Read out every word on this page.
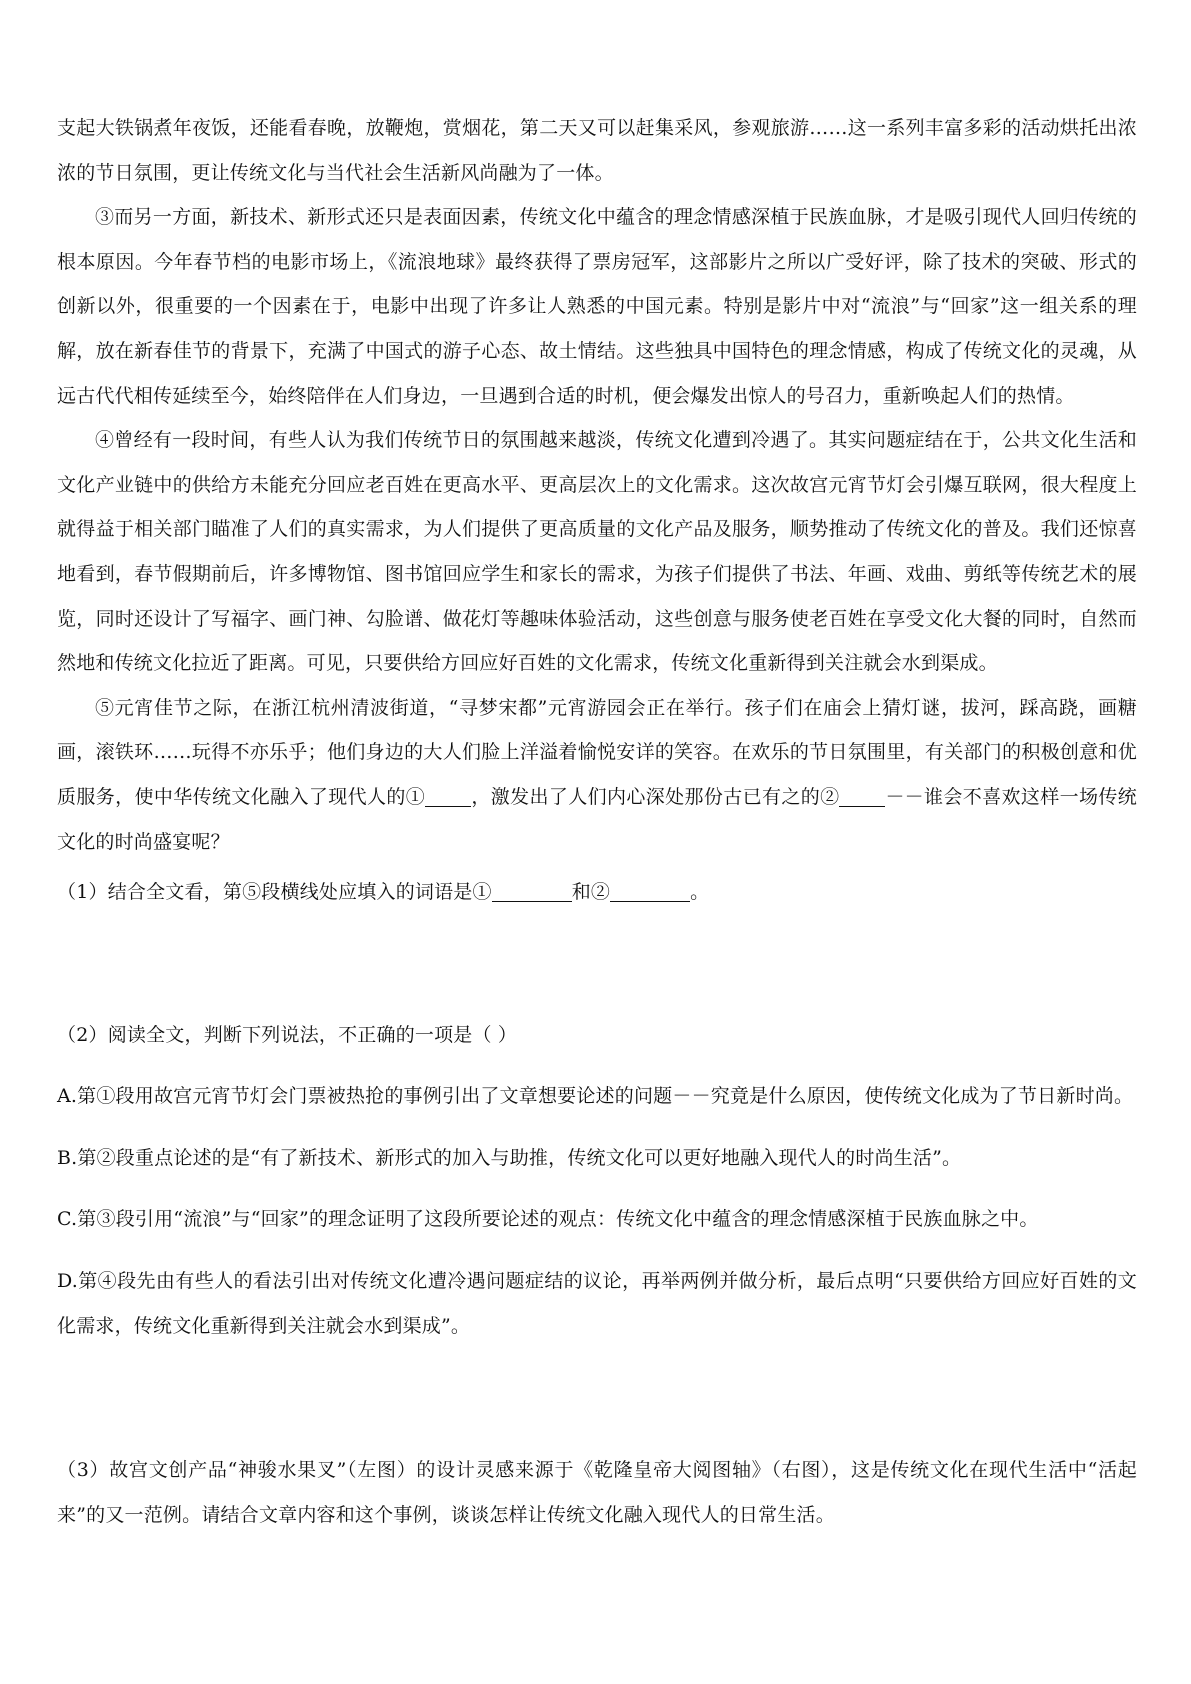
支起大铁锅煮年夜饭，还能看春晚，放鞭炮，赏烟花，第二天又可以赶集采风，参观旅游……这一系列丰富多彩的活动烘托出浓浓的节日氛围，更让传统文化与当代社会生活新风尚融为了一体。

③而另一方面，新技术、新形式还只是表面因素，传统文化中蕴含的理念情感深植于民族血脉，才是吸引现代人回归传统的根本原因。今年春节档的电影市场上，《流浪地球》最终获得了票房冠军，这部影片之所以广受好评，除了技术的突破、形式的创新以外，很重要的一个因素在于，电影中出现了许多让人熟悉的中国元素。特别是影片中对“流浪”与“回家”这一组关系的理解，放在新春佳节的背景下，充满了中国式的游子心态、故土情结。这些独具中国特色的理念情感，构成了传统文化的灵魂，从远古代代相传延续至今，始终陪伴在人们身边，一旦遇到合适的时机，便会爆发出惊人的号召力，重新唤起人们的热情。

④曾经有一段时间，有些人认为我们传统节日的氛围越来越淡，传统文化遭到冷遇了。其实问题症结在于，公共文化生活和文化产业链中的供给方未能充分回应老百姓在更高水平、更高层次上的文化需求。这次故宫元宵节灯会引爆互联网，很大程度上就得益于相关部门瞄准了人们的真实需求，为人们提供了更高质量的文化产品及服务，顺势推动了传统文化的普及。我们还惊喜地看到，春节假期前后，许多博物馆、图书馆回应学生和家长的需求，为孩子们提供了书法、年画、戏曲、剪纸等传统艺术的展览，同时还设计了写福字、画门神、勾脸谱、做花灯等趣味体验活动，这些创意与服务使老百姓在享受文化大餐的同时，自然而然地和传统文化拉近了距离。可见，只要供给方回应好百姓的文化需求，传统文化重新得到关注就会水到渠成。

⑤元宵佳节之际，在浙江杭州清波街道，“寻梦宋都”元宵游园会正在举行。孩子们在庙会上猜灯谜，拔河，踩高跷，画糖画，滚铁环……玩得不亦乐乎；他们身边的大人们脸上洋溢着愉悦安详的笑容。在欢乐的节日氛围里，有关部门的积极创意和优质服务，使中华传统文化融入了现代人的① ，激发出了人们内心深处那份古已有之的② －－谁会不喜欢这样一场传统文化的时尚盛宴呢？

（1）结合全文看，第⑤段横线处应填入的词语是①	和②	。

（2）阅读全文，判断下列说法，不正确的一项是（ ）

A.第①段用故宫元宵节灯会门票被热抢的事例引出了文章想要论述的问题－－究竟是什么原因，使传统文化成为了节日新时尚。

B.第②段重点论述的是“有了新技术、新形式的加入与助推，传统文化可以更好地融入现代人的时尚生活”。

C.第③段引用“流浪”与“回家”的理念证明了这段所要论述的观点：传统文化中蕴含的理念情感深植于民族血脉之中。

D.第④段先由有些人的看法引出对传统文化遭冷遇问题症结的议论，再举两例并做分析，最后点明“只要供给方回应好百姓的文化需求，传统文化重新得到关注就会水到渠成”。

（3）故宫文创产品“神骏水果叉”（左图）的设计灵感来源于《乾隆皇帝大阅图轴》（右图），这是传统文化在现代生活中“活起来”的又一范例。请结合文章内容和这个事例，谈谈怎样让传统文化融入现代人的日常生活。
